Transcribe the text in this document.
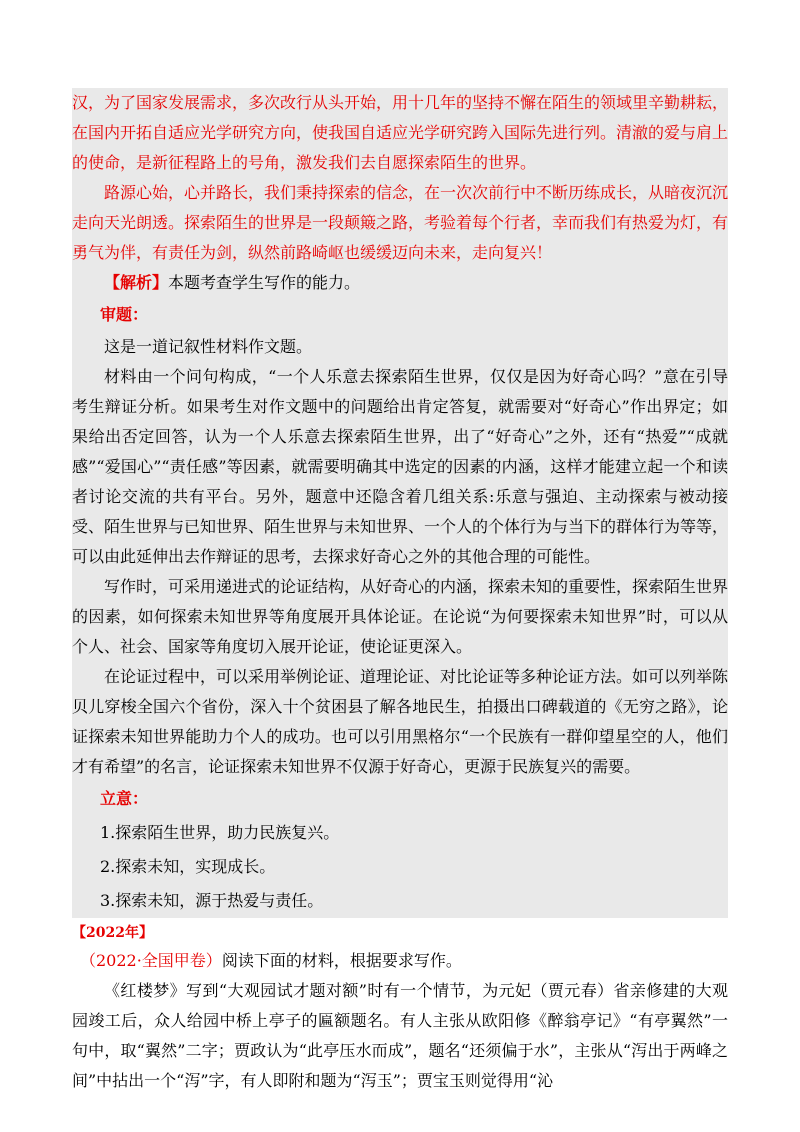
汉，为了国家发展需求，多次改行从头开始，用十几年的坚持不懈在陌生的领域里辛勤耕耘，在国内开拓自适应光学研究方向，使我国自适应光学研究跨入国际先进行列。清澈的爱与肩上的使命，是新征程路上的号角，激发我们去自愿探索陌生的世界。

路源心始，心并路长，我们秉持探索的信念，在一次次前行中不断历练成长，从暗夜沉沉走向天光朗透。探索陌生的世界是一段颠簸之路，考验着每个行者，幸而我们有热爱为灯，有勇气为伴，有责任为剑，纵然前路崎岖也缓缓迈向未来，走向复兴！

【解析】本题考查学生写作的能力。

审题：

这是一道记叙性材料作文题。

材料由一个问句构成，“一个人乐意去探索陌生世界，仅仅是因为好奇心吗？”意在引导考生辩证分析。如果考生对作文题中的问题给出肯定答复，就需要对“好奇心”作出界定；如果给出否定回答，认为一个人乐意去探索陌生世界，出了“好奇心”之外，还有“热爱”“成就感”“爱国心”“责任感”等因素，就需要明确其中选定的因素的内涵，这样才能建立起一个和读者讨论交流的共有平台。另外，题意中还隐含着几组关系:乐意与强迫、主动探索与被动接受、陌生世界与已知世界、陌生世界与未知世界、一个人的个体行为与当下的群体行为等等，可以由此延伸出去作辩证的思考，去探求好奇心之外的其他合理的可能性。

写作时，可采用递进式的论证结构，从好奇心的内涵，探索未知的重要性，探索陌生世界的因素，如何探索未知世界等角度展开具体论证。在论说“为何要探索未知世界”时，可以从个人、社会、国家等角度切入展开论证，使论证更深入。

在论证过程中，可以采用举例论证、道理论证、对比论证等多种论证方法。如可以列举陈贝儿穿梭全国六个省份，深入十个贫困县了解各地民生，拍摄出口碑载道的《无穷之路》，论证探索未知世界能助力个人的成功。也可以引用黑格尔“一个民族有一群仰望星空的人，他们才有希望”的名言，论证探索未知世界不仅源于好奇心，更源于民族复兴的需要。

立意：
1.探索陌生世界，助力民族复兴。
2.探索未知，实现成长。
3.探索未知，源于热爱与责任。
【2022年】
（2022·全国甲卷）阅读下面的材料，根据要求写作。

《红楼梦》写到“大观园试才题对额”时有一个情节，为元妃（贾元春）省亲修建的大观园竣工后，众人给园中桥上亭子的匾额题名。有人主张从欧阳修《醉翁亭记》“有亭翼然”一句中，取“翼然”二字；贾政认为“此亭压水而成”，题名“还须偏于水”，主张从“泻出于两峰之间”中拈出一个“泻”字，有人即附和题为“泻玉”；贾宝玉则觉得用“沁
